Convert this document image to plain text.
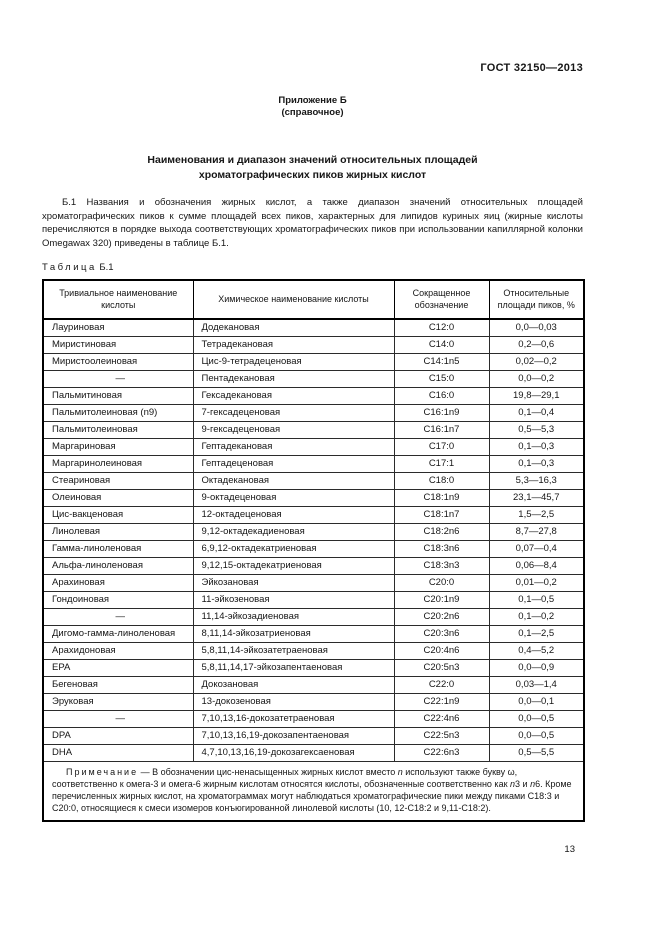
ГОСТ 32150—2013
Приложение Б
(справочное)
Наименования и диапазон значений относительных площадей
хроматографических пиков жирных кислот

Б.1 Названия и обозначения жирных кислот, а также диапазон значений относительных площадей хроматографических пиков к сумме площадей всех пиков, характерных для липидов куриных яиц (жирные кислоты перечисляются в порядке выхода соответствующих хроматографических пиков при использовании капиллярной колонки Omegawax 320) приведены в таблице Б.1.

Таблица Б.1
Тривиальное наименование кислоты	Химическое наименование кислоты	Сокращенное обозначение	Относительные площади пиков, %
Лауриновая	Додекановая	C12:0	0,0—0,03
Миристиновая	Тетрадекановая	C14:0	0,2—0,6
Миристоолеиновая	Цис-9-тетрадеценовая	C14:1n5	0,02—0,2
—	Пентадекановая	C15:0	0,0—0,2
Пальмитиновая	Гексадекановая	C16:0	19,8—29,1
Пальмитолеиновая (n9)	7-гексадеценовая	C16:1n9	0,1—0,4
Пальмитолеиновая	9-гексадеценовая	C16:1n7	0,5—5,3
Маргариновая	Гептадекановая	C17:0	0,1—0,3
Маргаринолеиновая	Гептадеценовая	C17:1	0,1—0,3
Стеариновая	Октадекановая	C18:0	5,3—16,3
Олеиновая	9-октадеценовая	C18:1n9	23,1—45,7
Цис-вакценовая	12-октадеценовая	C18:1n7	1,5—2,5
Линолевая	9,12-октадекадиеновая	C18:2n6	8,7—27,8
Гамма-линоленовая	6,9,12-октадекатриеновая	C18:3n6	0,07—0,4
Альфа-линоленовая	9,12,15-октадекатриеновая	C18:3n3	0,06—8,4
Арахиновая	Эйкозановая	C20:0	0,01—0,2
Гондоиновая	11-эйкозеновая	C20:1n9	0,1—0,5
—	11,14-эйкозадиеновая	C20:2n6	0,1—0,2
Дигомо-гамма-линоленовая	8,11,14-эйкозатриеновая	C20:3n6	0,1—2,5
Арахидоновая	5,8,11,14-эйкозатетраеновая	C20:4n6	0,4—5,2
EPA	5,8,11,14,17-эйкозапентаеновая	C20:5n3	0,0—0,9
Бегеновая	Докозановая	C22:0	0,03—1,4
Эруковая	13-докозеновая	C22:1n9	0,0—0,1
—	7,10,13,16-докозатетраеновая	C22:4n6	0,0—0,5
DPA	7,10,13,16,19-докозапентаеновая	C22:5n3	0,0—0,5
DHA	4,7,10,13,16,19-докозагексаеновая	C22:6n3	0,5—5,5
Примечание — В обозначении цис-ненасыщенных жирных кислот вместо n используют также букву ω, соответственно к омега-3 и омега-6 жирным кислотам относятся кислоты, обозначенные соответственно как n3 и n6. Кроме перечисленных жирных кислот, на хроматограммах могут наблюдаться хроматографические пики между пиками С18:3 и С20:0, относящиеся к смеси изомеров конъюгированной линолевой кислоты (10, 12-С18:2 и 9,11-С18:2).			
13
